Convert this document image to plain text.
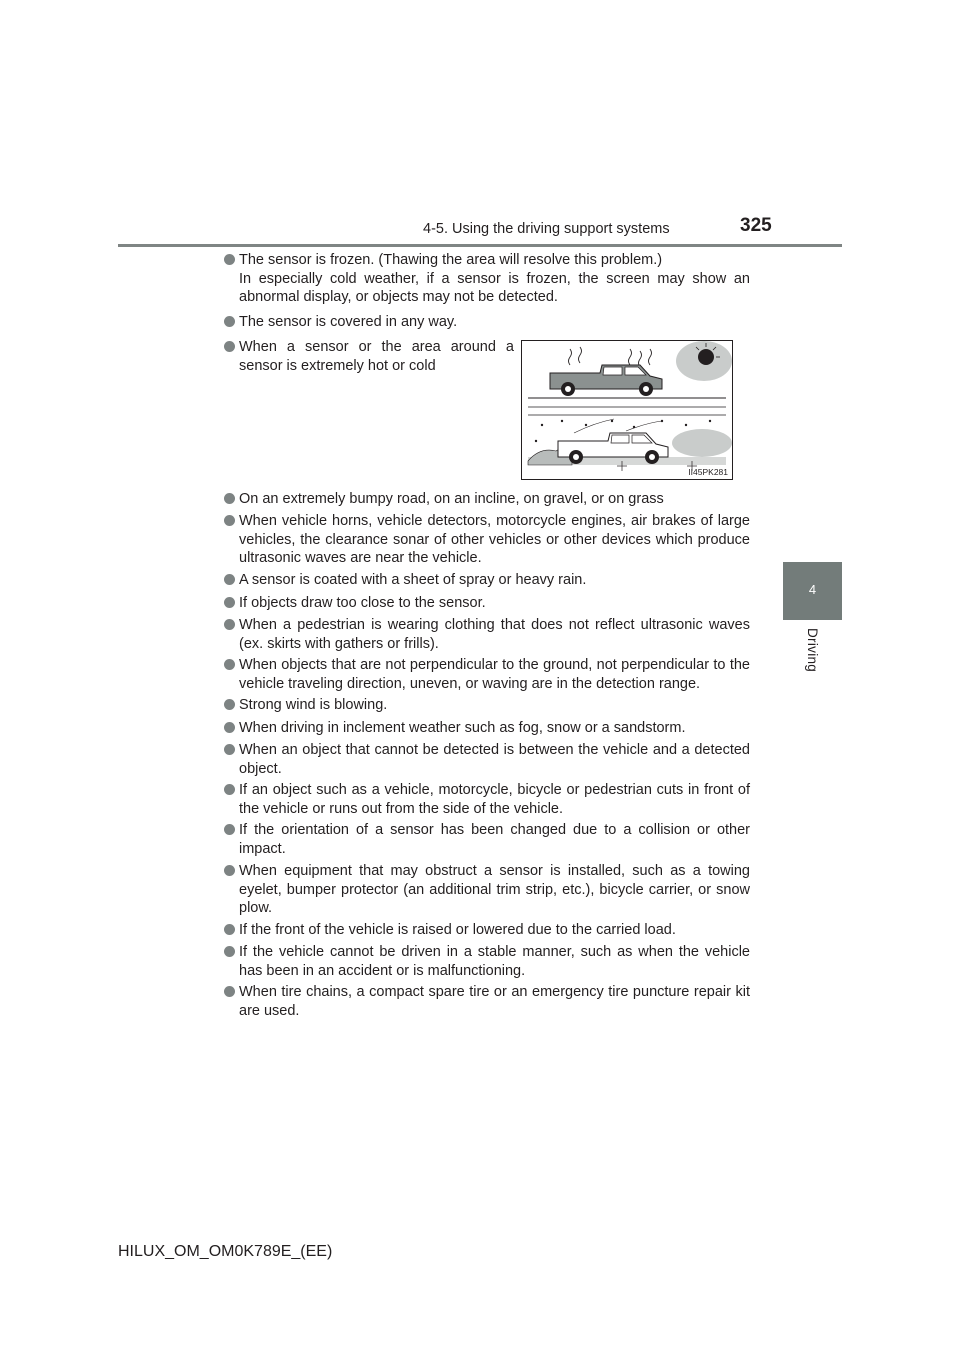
4-5. Using the driving support systems	325
4
Driving
The sensor is frozen. (Thawing the area will resolve this problem.)
In especially cold weather, if a sensor is frozen, the screen may show an abnormal display, or objects may not be detected.
The sensor is covered in any way.
When a sensor or the area around a sensor is extremely hot or cold
II45PK281
On an extremely bumpy road, on an incline, on gravel, or on grass
When vehicle horns, vehicle detectors, motorcycle engines, air brakes of large vehicles, the clearance sonar of other vehicles or other devices which produce ultrasonic waves are near the vehicle.
A sensor is coated with a sheet of spray or heavy rain.
If objects draw too close to the sensor.
When a pedestrian is wearing clothing that does not reflect ultrasonic waves (ex. skirts with gathers or frills).
When objects that are not perpendicular to the ground, not perpendicular to the vehicle traveling direction, uneven, or waving are in the detection range.
Strong wind is blowing.
When driving in inclement weather such as fog, snow or a sandstorm.
When an object that cannot be detected is between the vehicle and a detected object.
If an object such as a vehicle, motorcycle, bicycle or pedestrian cuts in front of the vehicle or runs out from the side of the vehicle.
If the orientation of a sensor has been changed due to a collision or other impact.
When equipment that may obstruct a sensor is installed, such as a towing eyelet, bumper protector (an additional trim strip, etc.), bicycle carrier, or snow plow.
If the front of the vehicle is raised or lowered due to the carried load.
If the vehicle cannot be driven in a stable manner, such as when the vehicle has been in an accident or is malfunctioning.
When tire chains, a compact spare tire or an emergency tire puncture repair kit are used.
HILUX_OM_OM0K789E_(EE)
